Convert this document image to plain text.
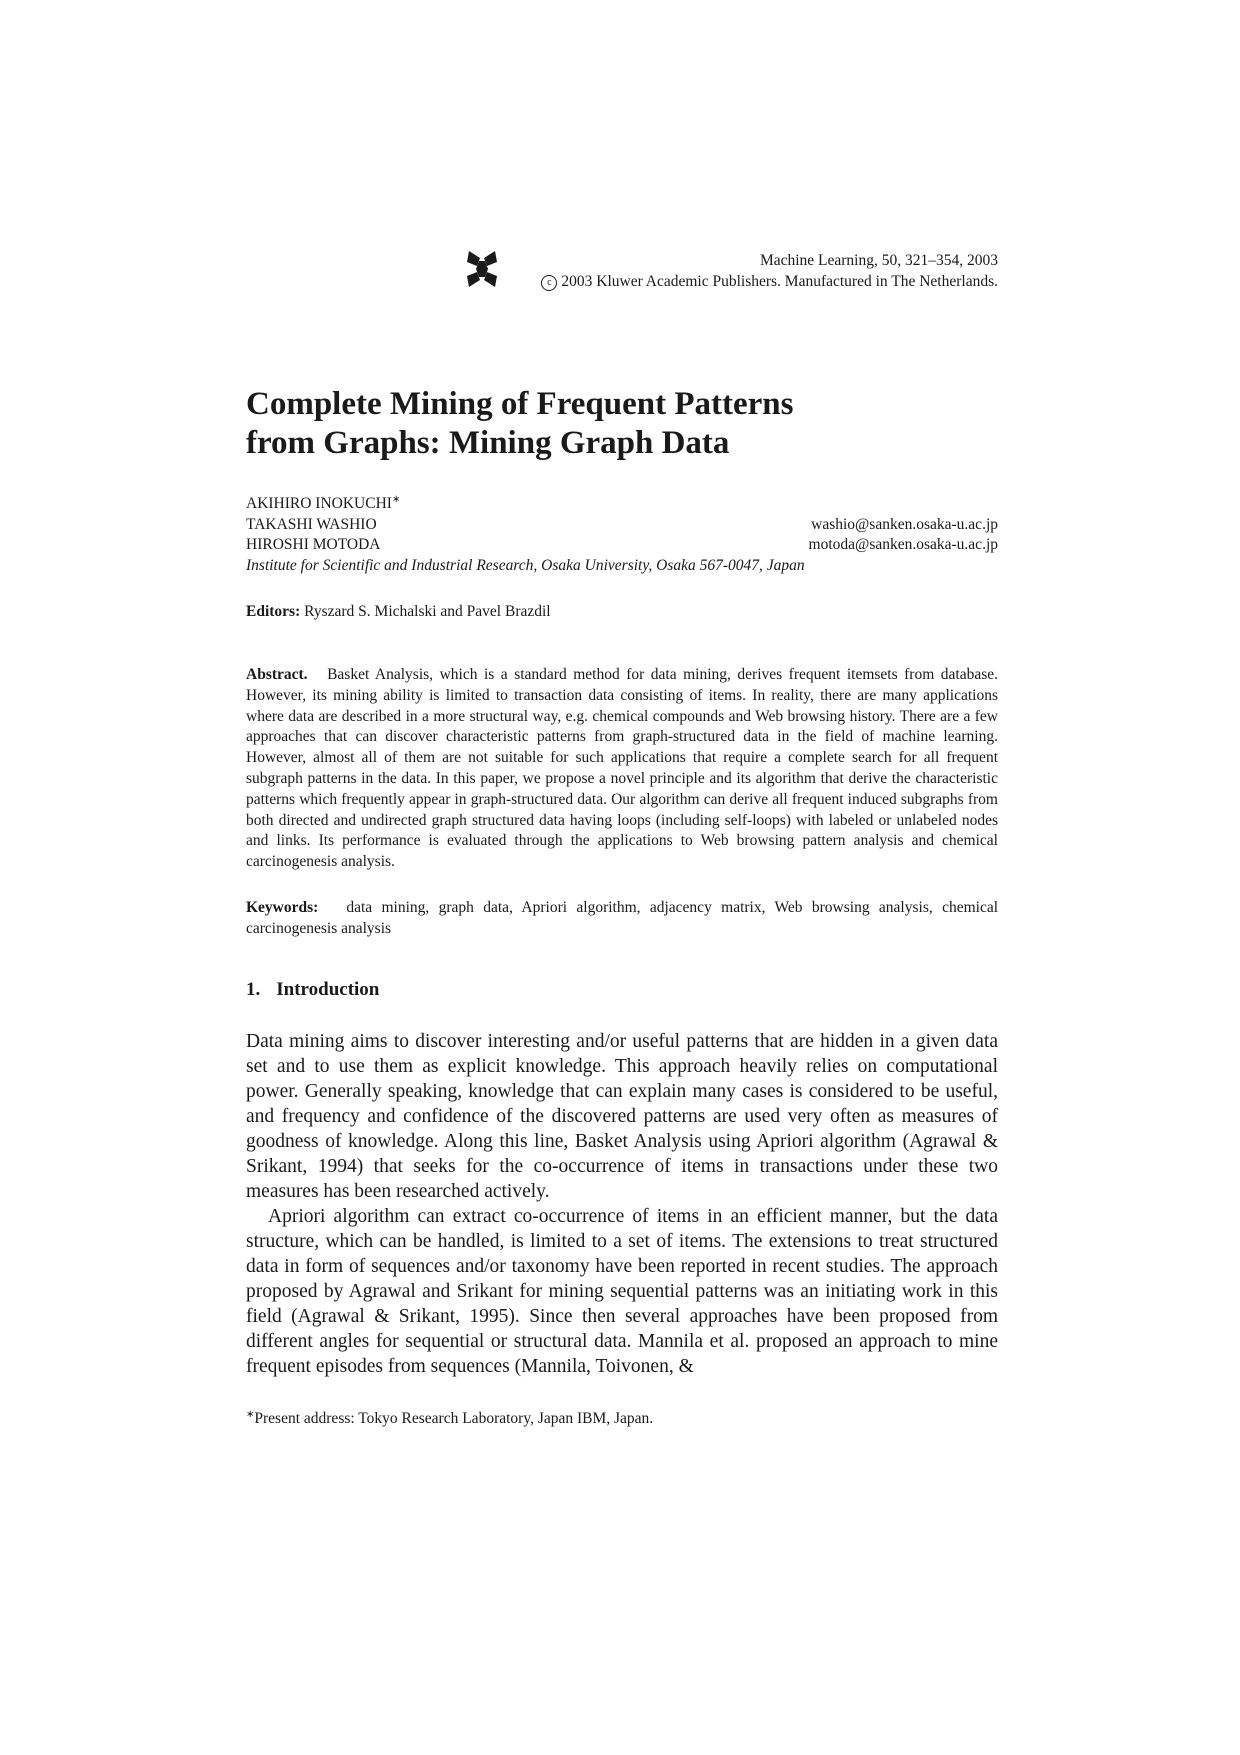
Machine Learning, 50, 321–354, 2003
c 2003 Kluwer Academic Publishers. Manufactured in The Netherlands.
Complete Mining of Frequent Patterns
from Graphs: Mining Graph Data
AKIHIRO INOKUCHI∗
TAKASHI WASHIO	washio@sanken.osaka-u.ac.jp
HIROSHI MOTODA	motoda@sanken.osaka-u.ac.jp
Institute for Scientific and Industrial Research, Osaka University, Osaka 567-0047, Japan
Editors: Ryszard S. Michalski and Pavel Brazdil

Abstract. Basket Analysis, which is a standard method for data mining, derives frequent itemsets from database. However, its mining ability is limited to transaction data consisting of items. In reality, there are many applications where data are described in a more structural way, e.g. chemical compounds and Web browsing history. There are a few approaches that can discover characteristic patterns from graph-structured data in the field of machine learning. However, almost all of them are not suitable for such applications that require a complete search for all frequent subgraph patterns in the data. In this paper, we propose a novel principle and its algorithm that derive the characteristic patterns which frequently appear in graph-structured data. Our algorithm can derive all frequent induced subgraphs from both directed and undirected graph structured data having loops (including self-loops) with labeled or unlabeled nodes and links. Its performance is evaluated through the applications to Web browsing pattern analysis and chemical carcinogenesis analysis.

Keywords: data mining, graph data, Apriori algorithm, adjacency matrix, Web browsing analysis, chemical carcinogenesis analysis

1. Introduction

Data mining aims to discover interesting and/or useful patterns that are hidden in a given data set and to use them as explicit knowledge. This approach heavily relies on computational power. Generally speaking, knowledge that can explain many cases is considered to be useful, and frequency and confidence of the discovered patterns are used very often as measures of goodness of knowledge. Along this line, Basket Analysis using Apriori algorithm (Agrawal & Srikant, 1994) that seeks for the co-occurrence of items in transactions under these two measures has been researched actively.

Apriori algorithm can extract co-occurrence of items in an efficient manner, but the data structure, which can be handled, is limited to a set of items. The extensions to treat structured data in form of sequences and/or taxonomy have been reported in recent studies. The approach proposed by Agrawal and Srikant for mining sequential patterns was an initiating work in this field (Agrawal & Srikant, 1995). Since then several approaches have been proposed from different angles for sequential or structural data. Mannila et al. proposed an approach to mine frequent episodes from sequences (Mannila, Toivonen, &

∗Present address: Tokyo Research Laboratory, Japan IBM, Japan.
